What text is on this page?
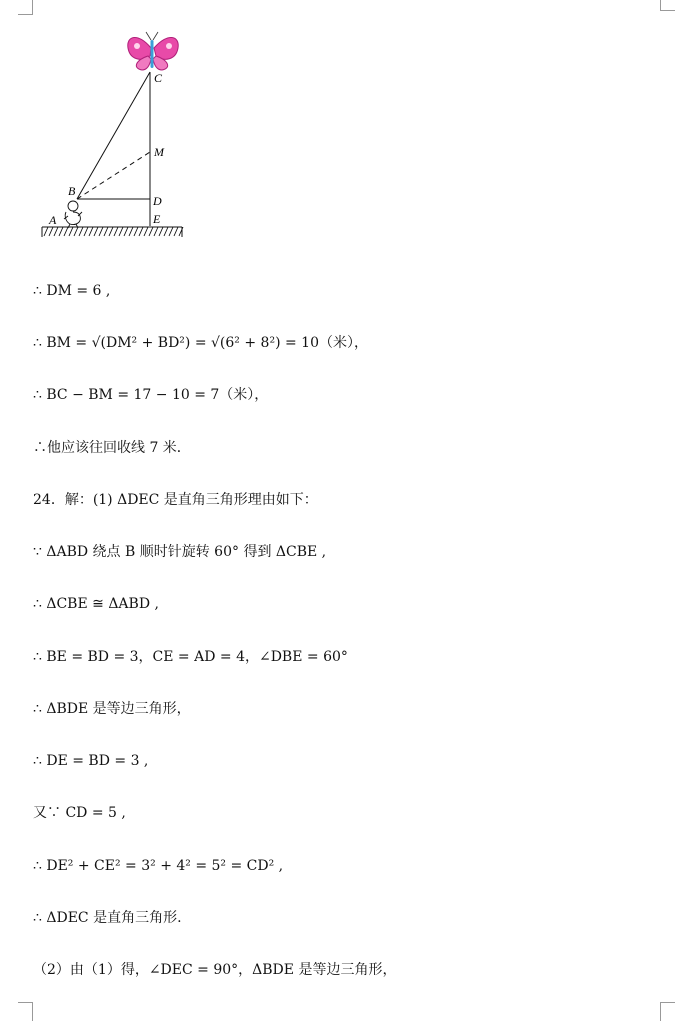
C
M
B
D
A	E
∴ DM = 6 ,
∴ BM = √(DM² + BD²) = √(6² + 8²) = 10（米），
∴ BC − BM = 17 − 10 = 7（米），
∴他应该往回收线 7 米．
24．解：(1) ΔDEC 是直角三角形理由如下：
∵ ΔABD 绕点 B 顺时针旋转 60° 得到 ΔCBE ,
∴ ΔCBE ≅ ΔABD ,
∴ BE = BD = 3，CE = AD = 4，∠DBE = 60°
∴ ΔBDE 是等边三角形，
∴ DE = BD = 3 ,
又∵ CD = 5 ,
∴ DE² + CE² = 3² + 4² = 5² = CD² ,
∴ ΔDEC 是直角三角形.
（2）由（1）得，∠DEC = 90°，ΔBDE 是等边三角形，
